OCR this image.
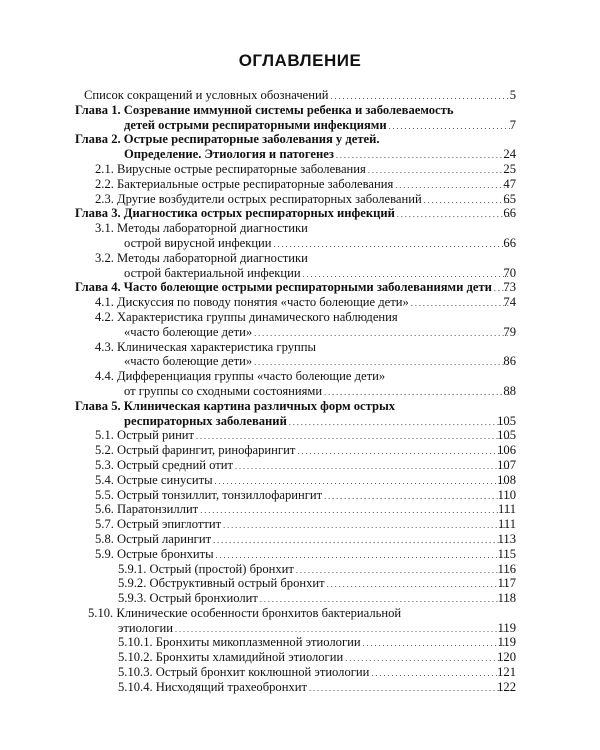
ОГЛАВЛЕНИЕ
Список сокращений и условных обозначений . . .	5
Глава 1. Созревание иммунной системы ребенка и заболеваемость
детей острыми респираторными инфекциями . . .	7
Глава 2. Острые респираторные заболевания у детей.
Определение. Этиология и патогенез . . .	24
2.1. Вирусные острые респираторные заболевания . . .	25
2.2. Бактериальные острые респираторные заболевания . . .	47
2.3. Другие возбудители острых респираторных заболеваний . . .	65
Глава 3. Диагностика острых респираторных инфекций . . .	66
3.1. Методы лабораторной диагностики
острой вирусной инфекции . . .	66
3.2. Методы лабораторной диагностики
острой бактериальной инфекции . . .	70
Глава 4. Часто болеющие острыми респираторными заболеваниями дети . . . 73
4.1. Дискуссия по поводу понятия «часто болеющие дети» . . .	74
4.2. Характеристика группы динамического наблюдения
«часто болеющие дети» . . .	79
4.3. Клиническая характеристика группы
«часто болеющие дети» . . .	86
4.4. Дифференциация группы «часто болеющие дети»
от группы со сходными состояниями . . .	88
Глава 5. Клиническая картина различных форм острых
респираторных заболеваний . . .	105
5.1. Острый ринит . . .	105
5.2. Острый фарингит, ринофарингит . . .	106
5.3. Острый средний отит . . .	107
5.4. Острые синуситы . . .	108
5.5. Острый тонзиллит, тонзиллофарингит . . .	110
5.6. Паратонзиллит . . .	111
5.7. Острый эпиглоттит . . .	111
5.8. Острый ларингит . . .	113
5.9. Острые бронхиты . . .	115
5.9.1. Острый (простой) бронхит . . .	116
5.9.2. Обструктивный острый бронхит . . .	117
5.9.3. Острый бронхиолит . . .	118
5.10. Клинические особенности бронхитов бактериальной
этиологии . . .	119
5.10.1. Бронхиты микоплазменной этиологии . . .	119
5.10.2. Бронхиты хламидийной этиологии . . .	120
5.10.3. Острый бронхит коклюшной этиологии . . .	121
5.10.4. Нисходящий трахеобронхит . . .	122
